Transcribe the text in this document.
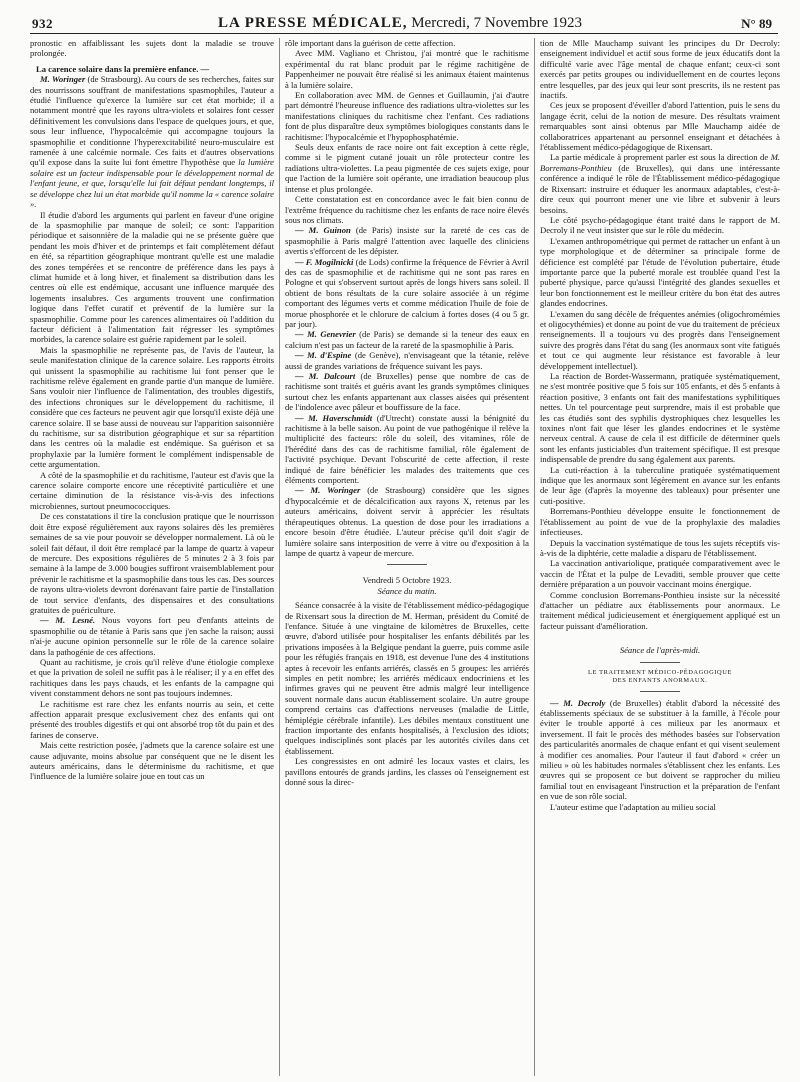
932	LA PRESSE MÉDICALE, Mercredi, 7 Novembre 1923	N° 89

pronostic en affaiblissant les sujets dont la maladie se trouve prolongée.

La carence solaire dans la première enfance. —

M. Woringer (de Strasbourg). Au cours de ses recherches, faites sur des nourrissons souffrant de manifestations spasmophiles, l'auteur a étudié l'influence qu'exerce la lumière sur cet état morbide; il a notamment montré que les rayons ultra-violets et solaires font cesser définitivement les convulsions dans l'espace de quelques jours, et que, sous leur influence, l'hypocalcémie qui accompagne toujours la spasmophilie et conditionne l'hyperexcitabilité neuro-musculaire est ramenée à une calcémie normale. Ces faits et d'autres observations qu'il expose dans la suite lui font émettre l'hypothèse que la lumière solaire est un facteur indispensable pour le développement normal de l'enfant jeune, et que, lorsqu'elle lui fait défaut pendant longtemps, il se développe chez lui un état morbide qu'il nomme la « carence solaire ».

Il étudie d'abord les arguments qui parlent en faveur d'une origine de la spasmophilie par manque de soleil; ce sont: l'apparition périodique et saisonnière de la maladie qui ne se présente guère que pendant les mois d'hiver et de printemps et fait complètement défaut en été, sa répartition géographique montrant qu'elle est une maladie des zones tempérées et se rencontre de préférence dans les pays à climat humide et à long hiver, et finalement sa distribution dans les centres où elle est endémique, accusant une influence marquée des logements insalubres. Ces arguments trouvent une confirmation logique dans l'effet curatif et préventif de la lumière sur la spasmophilie. Comme pour les carences alimentaires où l'addition du facteur déficient à l'alimentation fait régresser les symptômes morbides, la carence solaire est guérie rapidement par le soleil.

Mais la spasmophilie ne représente pas, de l'avis de l'auteur, la seule manifestation clinique de la carence solaire. Les rapports étroits qui unissent la spasmophilie au rachitisme lui font penser que le rachitisme relève également en grande partie d'un manque de lumière. Sans vouloir nier l'influence de l'alimentation, des troubles digestifs, des infections chroniques sur le développement du rachitisme, il considère que ces facteurs ne peuvent agir que lorsqu'il existe déjà une carence solaire. Il se base aussi de nouveau sur l'apparition saisonnière du rachitisme, sur sa distribution géographique et sur sa répartition dans les centres où la maladie est endémique. Sa guérison et sa prophylaxie par la lumière forment le complément indispensable de cette argumentation.

A côté de la spasmophilie et du rachitisme, l'auteur est d'avis que la carence solaire comporte encore une réceptivité particulière et une certaine diminution de la résistance vis-à-vis des infections microbiennes, surtout pneumococciques.

De ces constatations il tire la conclusion pratique que le nourrisson doit être exposé régulièrement aux rayons solaires dès les premières semaines de sa vie pour pouvoir se développer normalement. Là où le soleil fait défaut, il doit être remplacé par la lampe de quartz à vapeur de mercure. Des expositions régulières de 5 minutes 2 à 3 fois par semaine à la lampe de 3.000 bougies suffiront vraisemblablement pour prévenir le rachitisme et la spasmophilie dans tous les cas. Des sources de rayons ultra-violets devront dorénavant faire partie de l'installation de tout service d'enfants, des dispensaires et des consultations gratuites de puériculture.

— M. Lesné. Nous voyons fort peu d'enfants atteints de spasmophilie ou de tétanie à Paris sans que j'en sache la raison; aussi n'ai-je aucune opinion personnelle sur le rôle de la carence solaire dans la pathogénie de ces affections.

Quant au rachitisme, je crois qu'il relève d'une étiologie complexe et que la privation de soleil ne suffit pas à le réaliser; il y a en effet des rachitiques dans les pays chauds, et les enfants de la campagne qui vivent constamment dehors ne sont pas toujours indemnes.

Le rachitisme est rare chez les enfants nourris au sein, et cette affection apparait presque exclusivement chez des enfants qui ont présenté des troubles digestifs et qui ont absorbé trop tôt du pain et des farines de conserve.

Mais cette restriction posée, j'admets que la carence solaire est une cause adjuvante, moins absolue par conséquent que ne le disent les auteurs américains, dans le déterminisme du rachitisme, et que l'influence de la lumière solaire joue en tout cas un

rôle important dans la guérison de cette affection.

Avec MM. Vagliano et Christou, j'ai montré que le rachitisme expérimental du rat blanc produit par le régime rachitigène de Pappenheimer ne pouvait être réalisé si les animaux étaient maintenus à la lumière solaire.

En collaboration avec MM. de Gennes et Guillaumin, j'ai d'autre part démontré l'heureuse influence des radiations ultra-violettes sur les manifestations cliniques du rachitisme chez l'enfant. Ces radiations font de plus disparaître deux symptômes biologiques constants dans le rachitisme: l'hypocalcémie et l'hypophosphatémie.

Seuls deux enfants de race noire ont fait exception à cette règle, comme si le pigment cutané jouait un rôle protecteur contre les radiations ultra-violettes. La peau pigmentée de ces sujets exige, pour que l'action de la lumière soit opérante, une irradiation beaucoup plus intense et plus prolongée.

Cette constatation est en concordance avec le fait bien connu de l'extrême fréquence du rachitisme chez les enfants de race noire élevés sous nos climats.

— M. Guinon (de Paris) insiste sur la rareté de ces cas de spasmophilie à Paris malgré l'attention avec laquelle des cliniciens avertis s'efforcent de les dépister.

— F. Mogilnicki (de Lods) confirme la fréquence de Février à Avril des cas de spasmophilie et de rachitisme qui ne sont pas rares en Pologne et qui s'observent surtout après de longs hivers sans soleil. Il obtient de bons résultats de la cure solaire associée à un régime comportant des légumes verts et comme médication l'huile de foie de morue phosphorée et le chlorure de calcium à fortes doses (4 ou 5 gr. par jour).

— M. Genevrier (de Paris) se demande si la teneur des eaux en calcium n'est pas un facteur de la rareté de la spasmophilie à Paris.

— M. d'Espine (de Genève), n'envisageant que la tétanie, relève aussi de grandes variations de fréquence suivant les pays.

— M. Dalcourt (de Bruxelles) pense que nombre de cas de rachitisme sont traités et guéris avant les grands symptômes cliniques surtout chez les enfants appartenant aux classes aisées qui présentent de l'indolence avec pâleur et bouffissure de la face.

— M. Haverschmidt (d'Utrecht) constate aussi la bénignité du rachitisme à la belle saison. Au point de vue pathogénique il relève la multiplicité des facteurs: rôle du soleil, des vitamines, rôle de l'hérédité dans des cas de rachitisme familial, rôle également de l'activité psychique. Devant l'obscurité de cette affection, il reste indiqué de faire bénéficier les malades des traitements que ces éléments comportent.

— M. Woringer (de Strasbourg) considère que les signes d'hypocalcémie et de décalcification aux rayons X, retenus par les auteurs américains, doivent servir à apprécier les résultats thérapeutiques obtenus. La question de dose pour les irradiations a encore besoin d'être étudiée. L'auteur précise qu'il doit s'agir de lumière solaire sans interposition de verre à vitre ou d'exposition à la lampe de quartz à vapeur de mercure.

Vendredi 5 Octobre 1923.

Séance du matin.

Séance consacrée à la visite de l'établissement médico-pédagogique de Rixensart sous la direction de M. Herman, président du Comité de l'enfance. Située à une vingtaine de kilomètres de Bruxelles, cette œuvre, d'abord utilisée pour hospitaliser les enfants débilités par les privations imposées à la Belgique pendant la guerre, puis comme asile pour les réfugiés français en 1918, est devenue l'une des 4 institutions aptes à recevoir les enfants arriérés, classés en 5 groupes: les arriérés simples en petit nombre; les arriérés médicaux endocriniens et les infirmes graves qui ne peuvent être admis malgré leur intelligence souvent normale dans aucun établissement scolaire. Un autre groupe comprend certains cas d'affections nerveuses (maladie de Little, hémiplégie cérébrale infantile). Les débiles mentaux constituent une fraction importante des enfants hospitalisés, à l'exclusion des idiots; quelques indisciplinés sont placés par les autorités civiles dans cet établissement.

Les congressistes en ont admiré les locaux vastes et clairs, les pavillons entourés de grands jardins, les classes où l'enseignement est donné sous la direc-

tion de Mlle Mauchamp suivant les principes du Dr Decroly: enseignement individuel et actif sous forme de jeux éducatifs dont la difficulté varie avec l'âge mental de chaque enfant; ceux-ci sont exercés par petits groupes ou individuellement en de courtes leçons entre lesquelles, par des jeux qui leur sont prescrits, ils ne restent pas inactifs.

Ces jeux se proposent d'éveiller d'abord l'attention, puis le sens du langage écrit, celui de la notion de mesure. Des résultats vraiment remarquables sont ainsi obtenus par Mlle Mauchamp aidée de collaboratrices appartenant au personnel enseignant et détachées à l'établissement médico-pédagogique de Rixensart.

La partie médicale à proprement parler est sous la direction de M. Borremans-Ponthieu (de Bruxelles), qui dans une intéressante conférence a indiqué le rôle de l'Établissement médico-pédagogique de Rixensart: instruire et éduquer les anormaux adaptables, c'est-à-dire ceux qui pourront mener une vie libre et subvenir à leurs besoins.

Le côté psycho-pédagogique étant traité dans le rapport de M. Decroly il ne veut insister que sur le rôle du médecin.

L'examen anthropométrique qui permet de rattacher un enfant à un type morphologique et de déterminer sa principale forme de déficience est complété par l'étude de l'évolution pubertaire, étude importante parce que la puberté morale est troublée quand l'est la puberté physique, parce qu'aussi l'intégrité des glandes sexuelles et leur bon fonctionnement est le meilleur critère du bon état des autres glandes endocrines.

L'examen du sang décèle de fréquentes anémies (oligochromémies et oligocythémies) et donne au point de vue du traitement de précieux renseignements. Il a toujours vu des progrès dans l'enseignement suivre des progrès dans l'état du sang (les anormaux sont vite fatigués et tout ce qui augmente leur résistance est favorable à leur développement intellectuel).

La réaction de Bordet-Wassermann, pratiquée systématiquement, ne s'est montrée positive que 5 fois sur 105 enfants, et dès 5 enfants à réaction positive, 3 enfants ont fait des manifestations syphilitiques nettes. Un tel pourcentage peut surprendre, mais il est probable que les cas étudiés sont des syphilis dystrophiques chez lesquelles les toxines n'ont fait que léser les glandes endocrines et le système nerveux central. A cause de cela il est difficile de déterminer quels sont les enfants justiciables d'un traitement spécifique. Il est presque indispensable de prendre du sang également aux parents.

La cuti-réaction à la tuberculine pratiquée systématiquement indique que les anormaux sont légèrement en avance sur les enfants de leur âge (d'après la moyenne des tableaux) pour présenter une cuti-positive.

Borremans-Ponthieu développe ensuite le fonctionnement de l'établissement au point de vue de la prophylaxie des maladies infectieuses.

Depuis la vaccination systématique de tous les sujets réceptifs vis-à-vis de la diphtérie, cette maladie a disparu de l'établissement.

La vaccination antivariolique, pratiquée comparativement avec le vaccin de l'État et la pulpe de Levaditi, semble prouver que cette dernière préparation a un pouvoir vaccinant moins énergique.

Comme conclusion Borremans-Ponthieu insiste sur la nécessité d'attacher un pédiatre aux établissements pour anormaux. Le traitement médical judicieusement et énergiquement appliqué est un facteur puissant d'amélioration.

Séance de l'après-midi.

LE TRAITEMENT MÉDICO-PÉDAGOGIQUE

DES ENFANTS ANORMAUX.

— M. Decroly (de Bruxelles) établit d'abord la nécessité des établissements spéciaux de se substituer à la famille, à l'école pour éviter le trouble apporté à ces milieux par les anormaux et inversement. Il fait le procès des méthodes basées sur l'observation des particularités anormales de chaque enfant et qui visent seulement à modifier ces anomalies. Pour l'auteur il faut d'abord « créer un milieu » où les habitudes normales s'établissent chez les enfants. Les œuvres qui se proposent ce but doivent se rapprocher du milieu familial tout en envisageant l'instruction et la préparation de l'enfant en vue de son rôle social.

L'auteur estime que l'adaptation au milieu social
